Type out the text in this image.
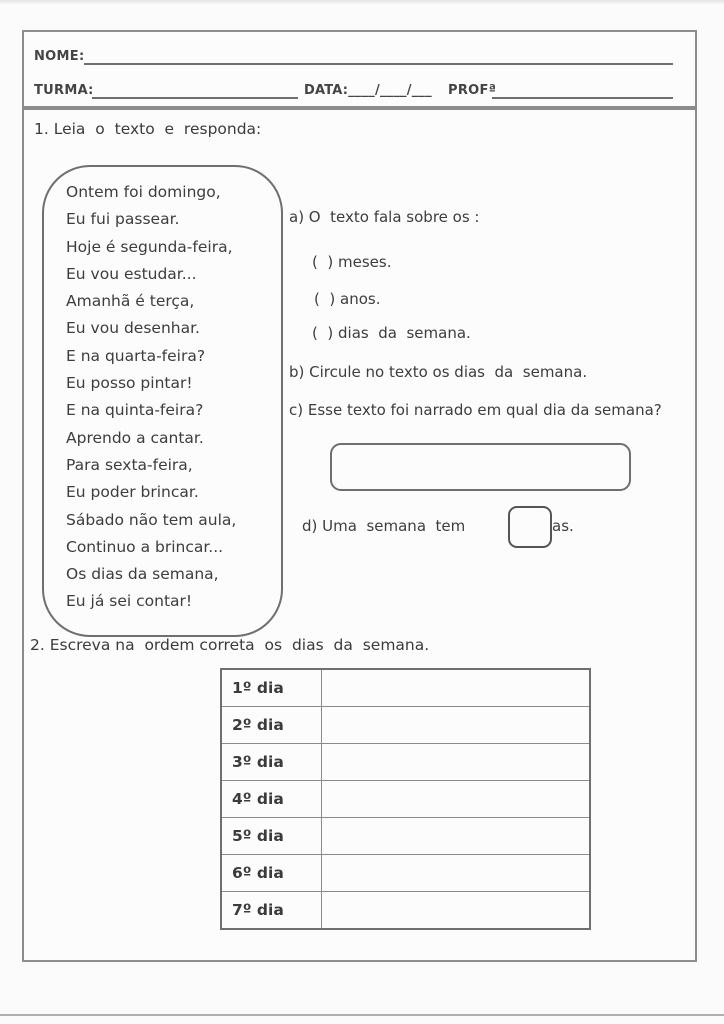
NOME:
TURMA:	DATA:____/____/___ PROFª
1. Leia  o  texto  e  responda:
Ontem foi domingo,
Eu fui passear.
Hoje é segunda-feira,
Eu vou estudar...
Amanhã é terça,
Eu vou desenhar.
E na quarta-feira?
Eu posso pintar!
E na quinta-feira?
Aprendo a cantar.
Para sexta-feira,
Eu poder brincar.
Sábado não tem aula,
Continuo a brincar...
Os dias da semana,
Eu já sei contar!
a) O  texto fala sobre os :
(  ) meses.
(  ) anos.
(  ) dias  da  semana.
b) Circule no texto os dias  da  semana.
c) Esse texto foi narrado em qual dia da semana?
d) Uma  semana  tem	as.
2. Escreva na  ordem correta  os  dias  da  semana.
1º dia
2º dia
3º dia
4º dia
5º dia
6º dia
7º dia
